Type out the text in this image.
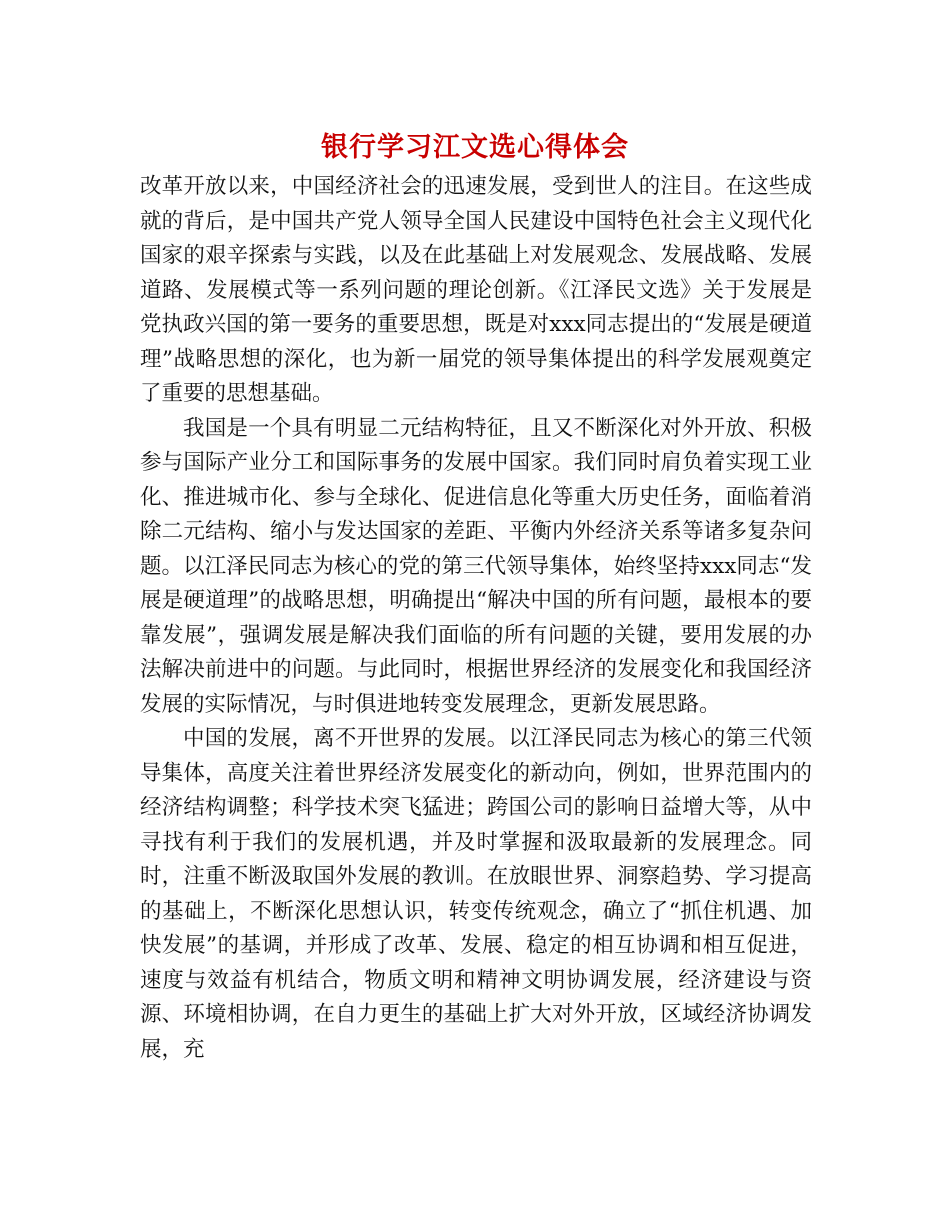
银行学习江文选心得体会

改革开放以来，中国经济社会的迅速发展，受到世人的注目。在这些成就的背后，是中国共产党人领导全国人民建设中国特色社会主义现代化国家的艰辛探索与实践，以及在此基础上对发展观念、发展战略、发展道路、发展模式等一系列问题的理论创新。《江泽民文选》关于发展是党执政兴国的第一要务的重要思想，既是对xxx同志提出的“发展是硬道理”战略思想的深化，也为新一届党的领导集体提出的科学发展观奠定了重要的思想基础。

我国是一个具有明显二元结构特征，且又不断深化对外开放、积极参与国际产业分工和国际事务的发展中国家。我们同时肩负着实现工业化、推进城市化、参与全球化、促进信息化等重大历史任务，面临着消除二元结构、缩小与发达国家的差距、平衡内外经济关系等诸多复杂问题。以江泽民同志为核心的党的第三代领导集体，始终坚持xxx同志“发展是硬道理”的战略思想，明确提出“解决中国的所有问题，最根本的要靠发展”，强调发展是解决我们面临的所有问题的关键，要用发展的办法解决前进中的问题。与此同时，根据世界经济的发展变化和我国经济发展的实际情况，与时俱进地转变发展理念，更新发展思路。

中国的发展，离不开世界的发展。以江泽民同志为核心的第三代领导集体，高度关注着世界经济发展变化的新动向，例如，世界范围内的经济结构调整；科学技术突飞猛进；跨国公司的影响日益增大等，从中寻找有利于我们的发展机遇，并及时掌握和汲取最新的发展理念。同时，注重不断汲取国外发展的教训。在放眼世界、洞察趋势、学习提高的基础上，不断深化思想认识，转变传统观念，确立了“抓住机遇、加快发展”的基调，并形成了改革、发展、稳定的相互协调和相互促进，速度与效益有机结合，物质文明和精神文明协调发展，经济建设与资源、环境相协调，在自力更生的基础上扩大对外开放，区域经济协调发展，充
